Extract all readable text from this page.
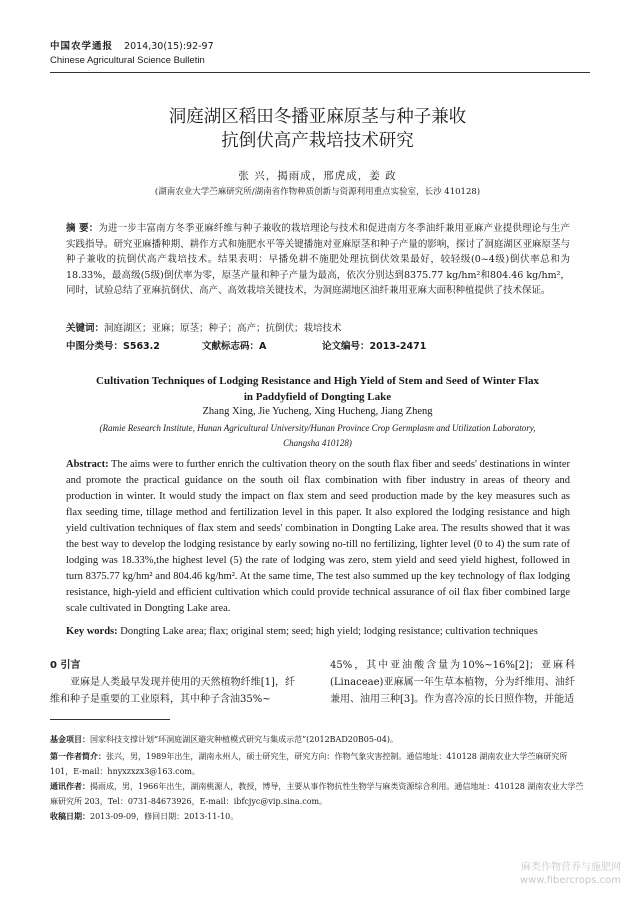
中国农学通报 2014,30(15):92-97
Chinese Agricultural Science Bulletin
洞庭湖区稻田冬播亚麻原茎与种子兼收
抗倒伏高产栽培技术研究
张 兴，揭雨成，邢虎成，姜 政
(湖南农业大学苎麻研究所/湖南省作物种质创新与资源利用重点实验室，长沙 410128)
摘 要：为进一步丰富南方冬季亚麻纤维与种子兼收的栽培理论与技术和促进南方冬季油纤兼用亚麻产业提供理论与生产实践指导。研究亚麻播种期、耕作方式和施肥水平等关键播施对亚麻原茎和种子产量的影响，探讨了洞庭湖区亚麻原茎与种子兼收的抗倒伏高产栽培技术。结果表明：早播免耕不施肥处理抗倒伏效果最好，较轻级(0~4级)倒伏率总和为18.33%，最高级(5级)倒伏率为零，原茎产量和种子产量为最高，依次分别达到8375.77 kg/hm²和804.46 kg/hm²，同时，试验总结了亚麻抗倒伏、高产、高效栽培关键技术，为洞庭湖地区油纤兼用亚麻大面积种植提供了技术保证。
关键词：洞庭湖区；亚麻；原茎；种子；高产；抗倒伏；栽培技术
中图分类号：S563.2	文献标志码：A	论文编号：2013-2471
Cultivation Techniques of Lodging Resistance and High Yield of Stem and Seed of Winter Flax
in Paddyfield of Dongting Lake
Zhang Xing, Jie Yucheng, Xing Hucheng, Jiang Zheng
(Ramie Research Institute, Hunan Agricultural University/Hunan Province Crop Germplasm and Utilization Laboratory,
Changsha 410128)
Abstract: The aims were to further enrich the cultivation theory on the south flax fiber and seeds' destinations in winter and promote the practical guidance on the south oil flax combination with fiber industry in areas of theory and production in winter. It would study the impact on flax stem and seed production made by the key measures such as flax seeding time, tillage method and fertilization level in this paper. It also explored the lodging resistance and high yield cultivation techniques of flax stem and seeds' combination in Dongting Lake area. The results showed that it was the best way to develop the lodging resistance by early sowing no-till no fertilizing, lighter level (0 to 4) the sum rate of lodging was 18.33%,the highest level (5) the rate of lodging was zero, stem yield and seed yield highest, followed in turn 8375.77 kg/hm² and 804.46 kg/hm². At the same time, The test also summed up the key technology of flax lodging resistance, high-yield and efficient cultivation which could provide technical assurance of oil flax fiber combined large scale cultivated in Dongting Lake area.
Key words: Dongting Lake area; flax; original stem; seed; high yield; lodging resistance; cultivation techniques
0 引言
亚麻是人类最早发现并使用的天然植物纤维[1]，纤维和种子是重要的工业原料，其中种子含油35%~
45%，其中亚油酸含量为10%~16%[2]；亚麻科(Linaceae)亚麻属一年生草本植物，分为纤维用、油纤兼用、油用三种[3]。作为喜冷凉的长日照作物，并能适
基金项目：国家科技支撑计划“环洞庭湖区避灾种植模式研究与集成示范”(2012BAD20B05-04)。
第一作者简介：张兴，男，1989年出生，湖南永州人，硕士研究生，研究方向：作物气象灾害控制。通信地址：410128 湖南农业大学苎麻研究所 101，E-mail：hnyxzxzx3@163.com。
通讯作者：揭雨成，男，1966年出生，湖南桃源人，教授，博导，主要从事作物抗性生物学与麻类资源综合利用。通信地址：410128 湖南农业大学苎麻研究所 203，Tel：0731-84673926，E-mail：ibfcjyc@vip.sina.com。
收稿日期：2013-09-09，修回日期：2013-11-10。
麻类作物营养与施肥网
www.fibercrops.com
